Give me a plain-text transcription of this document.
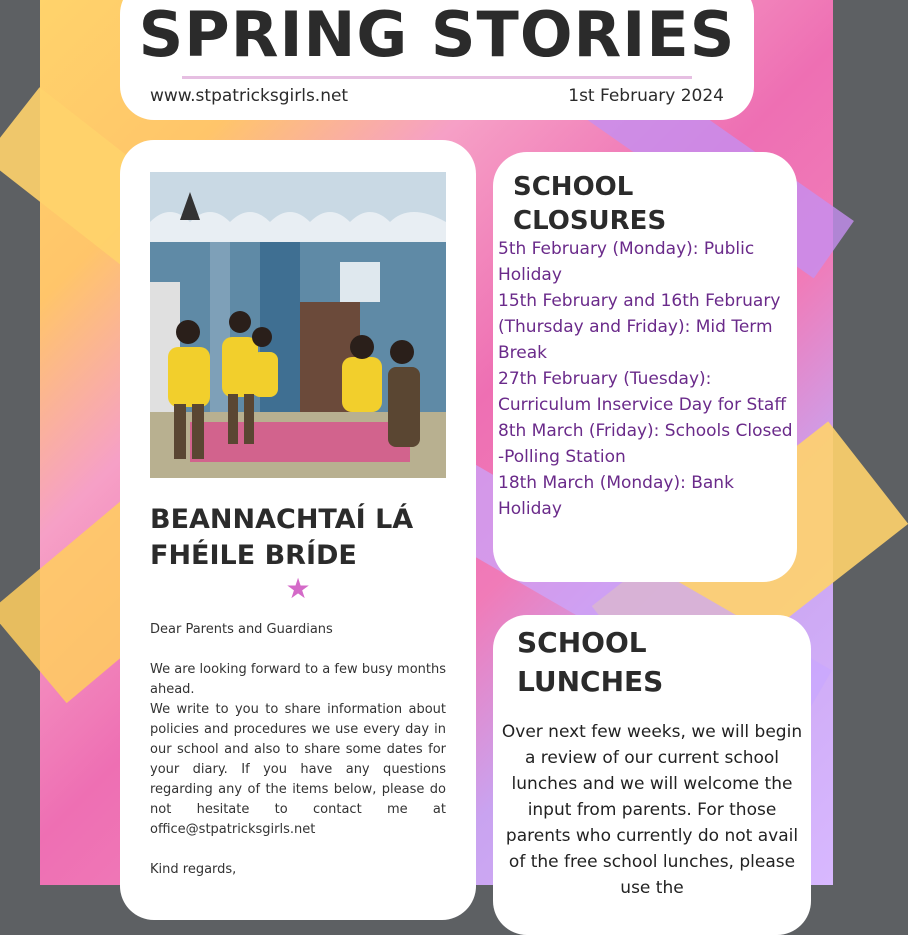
SPRING STORIES
www.stpatricksgirls.net	1st February 2024
BEANNACHTAÍ LÁ
FHÉILE BRÍDE
★
Dear Parents and Guardians
We are looking forward to a few busy months ahead.
We write to you to share information about policies and procedures we use every day in our school and also to share some dates for your diary. If you have any questions regarding any of the items below, please do not hesitate to contact me at office@stpatricksgirls.net
Kind regards,
SCHOOL
CLOSURES
5th February (Monday): Public Holiday
15th February and 16th February (Thursday and Friday): Mid Term Break
27th February (Tuesday): Curriculum Inservice Day for Staff
8th March (Friday): Schools Closed -Polling Station
18th March (Monday): Bank Holiday
SCHOOL
LUNCHES
Over next few weeks, we will begin a review of our current school lunches and we will welcome the input from parents. For those parents who currently do not avail of the free school lunches, please use the
